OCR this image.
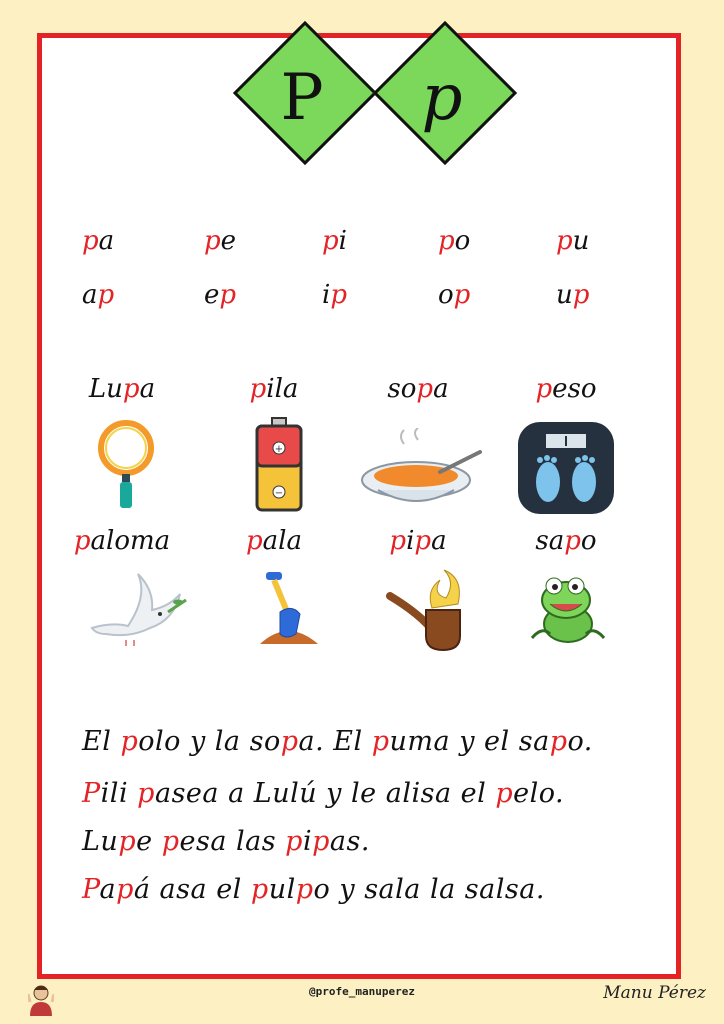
P	p
pa	pe	pi	po	pu
ap	ep	ip	op	up
Lupa	pila	sopa	peso
paloma	pala	pipa	sapo
+
−
El polo y la sopa. El puma y el sapo.
Pili pasea a Lulú y le alisa el pelo.
Lupe pesa las pipas.
Papá asa el pulpo y sala la salsa.
@profe_manuperez	Manu Pérez
